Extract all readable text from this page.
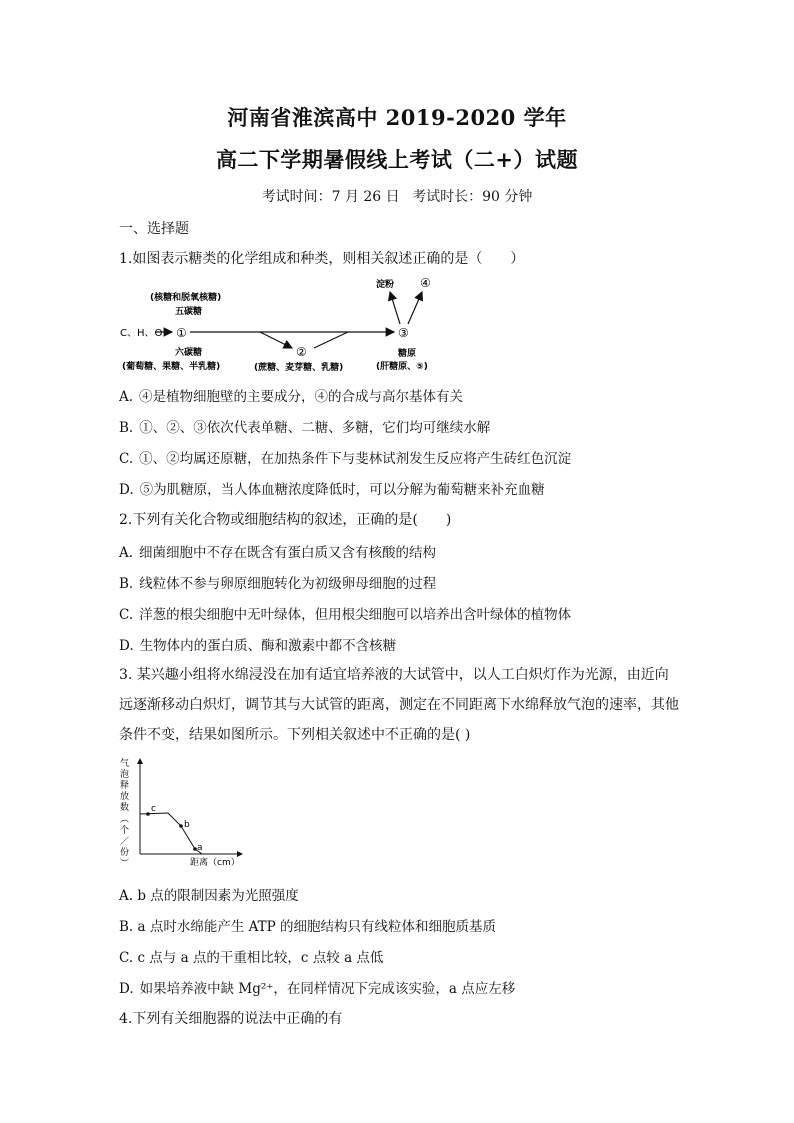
河南省淮滨高中 2019-2020 学年
高二下学期暑假线上考试（二+）试题
考试时间：7 月 26 日 考试时长：90 分钟
一、选择题
1.如图表示糖类的化学组成和种类，则相关叙述正确的是（　　）
C、H、O ①
(核糖和脱氧核糖)
五碳糖
六碳糖
(葡萄糖、果糖、半乳糖)
②
(蔗糖、麦芽糖、乳糖)
③
糖原
(肝糖原、⑤)
淀粉 ④
A. ④是植物细胞壁的主要成分，④的合成与高尔基体有关
B. ①、②、③依次代表单糖、二糖、多糖，它们均可继续水解
C. ①、②均属还原糖，在加热条件下与斐林试剂发生反应将产生砖红色沉淀
D. ⑤为肌糖原，当人体血糖浓度降低时，可以分解为葡萄糖来补充血糖
2.下列有关化合物或细胞结构的叙述，正确的是(　　)
A. 细菌细胞中不存在既含有蛋白质又含有核酸的结构
B. 线粒体不参与卵原细胞转化为初级卵母细胞的过程
C. 洋葱的根尖细胞中无叶绿体，但用根尖细胞可以培养出含叶绿体的植物体
D. 生物体内的蛋白质、酶和激素中都不含核糖
3. 某兴趣小组将水绵浸没在加有适宜培养液的大试管中，以人工白炽灯作为光源，由近向远逐渐移动白炽灯，调节其与大试管的距离，测定在不同距离下水绵释放气泡的速率，其他条件不变，结果如图所示。下列相关叙述中不正确的是( )
气泡释放数︵个／份︶
c
b
a
距离（cm）
A. b 点的限制因素为光照强度
B. a 点时水绵能产生 ATP 的细胞结构只有线粒体和细胞质基质
C. c 点与 a 点的干重相比较，c 点较 a 点低
D. 如果培养液中缺 Mg²⁺，在同样情况下完成该实验，a 点应左移
4.下列有关细胞器的说法中正确的有
